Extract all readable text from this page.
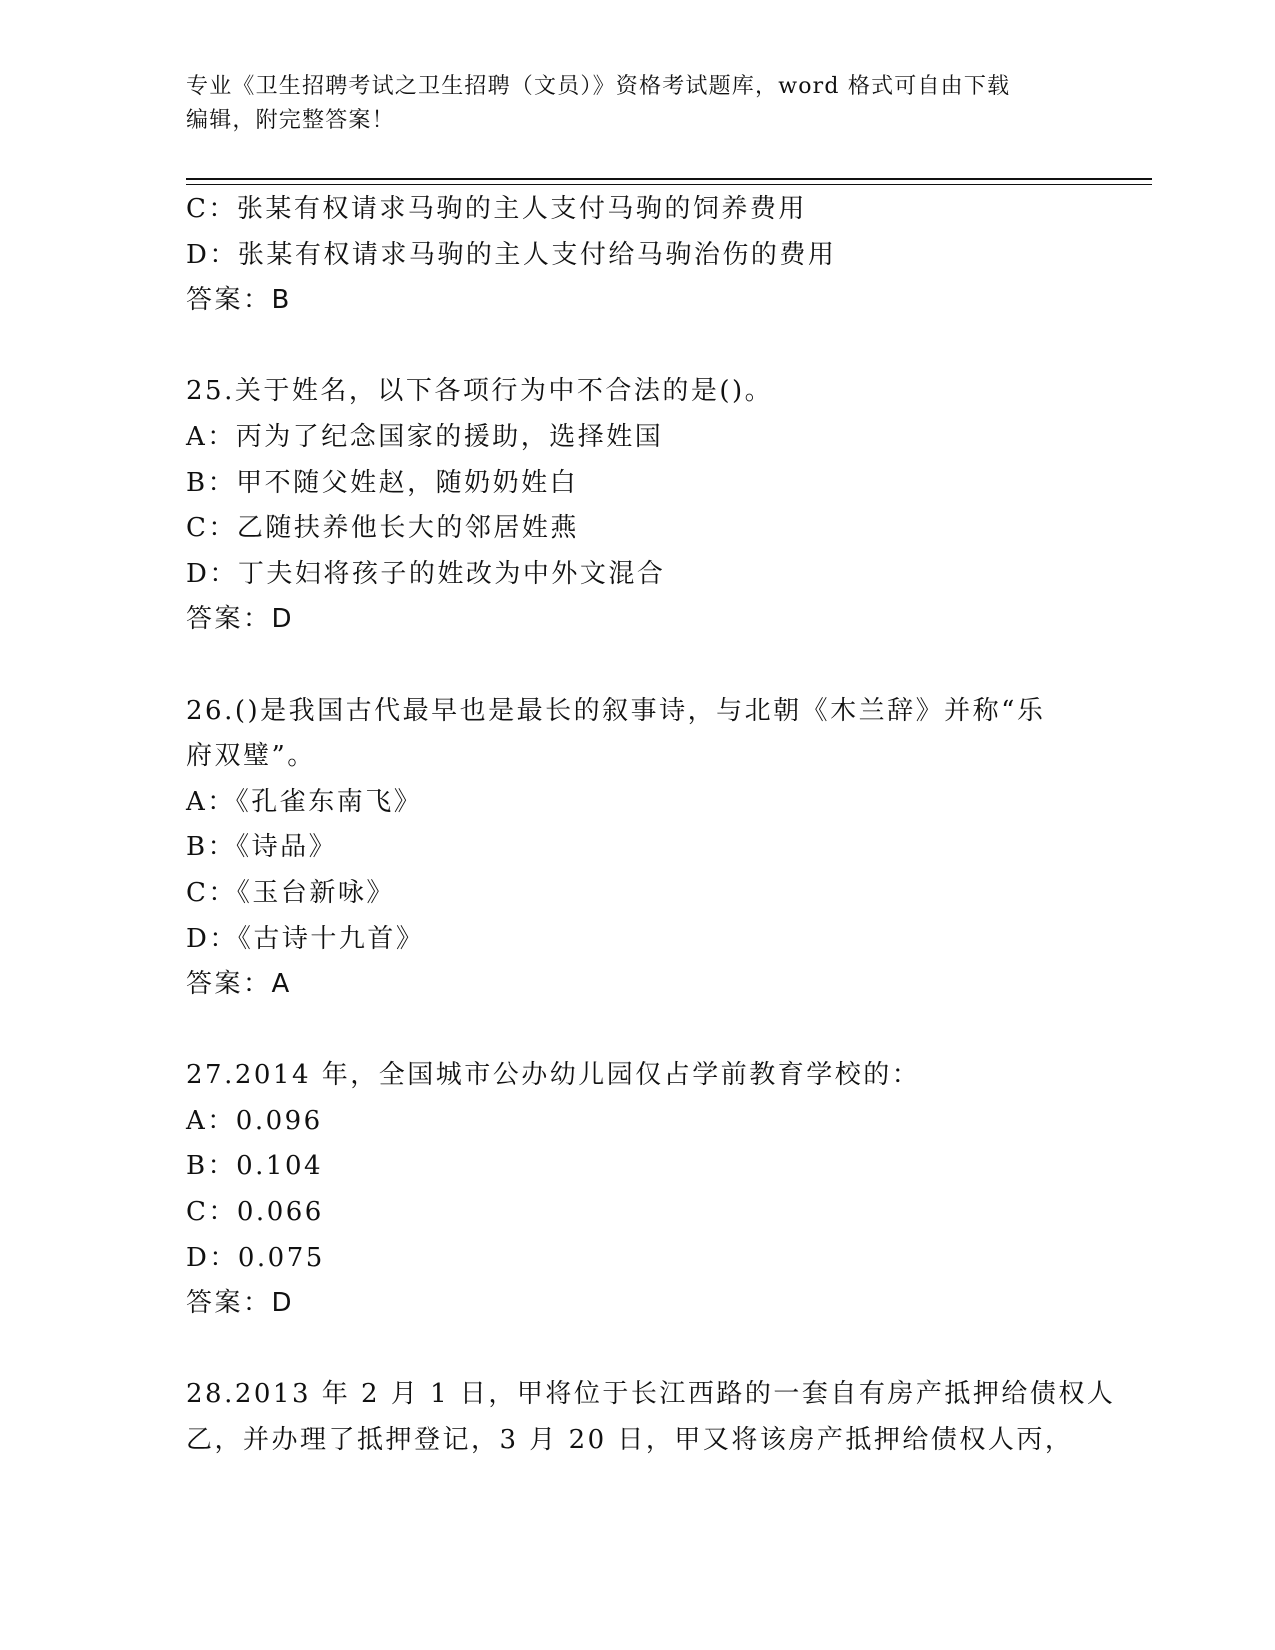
专业《卫生招聘考试之卫生招聘（文员）》资格考试题库，word 格式可自由下载
编辑，附完整答案！
C：张某有权请求马驹的主人支付马驹的饲养费用
D：张某有权请求马驹的主人支付给马驹治伤的费用
答案：B
25.关于姓名，以下各项行为中不合法的是()。
A：丙为了纪念国家的援助，选择姓国
B：甲不随父姓赵，随奶奶姓白
C：乙随扶养他长大的邻居姓燕
D：丁夫妇将孩子的姓改为中外文混合
答案：D
26.()是我国古代最早也是最长的叙事诗，与北朝《木兰辞》并称“乐
府双璧”。
A：《孔雀东南飞》
B：《诗品》
C：《玉台新咏》
D：《古诗十九首》
答案：A
27.2014 年，全国城市公办幼儿园仅占学前教育学校的：
A：0.096
B：0.104
C：0.066
D：0.075
答案：D
28.2013 年 2 月 1 日，甲将位于长江西路的一套自有房产抵押给债权人
乙，并办理了抵押登记，3 月 20 日，甲又将该房产抵押给债权人丙，
